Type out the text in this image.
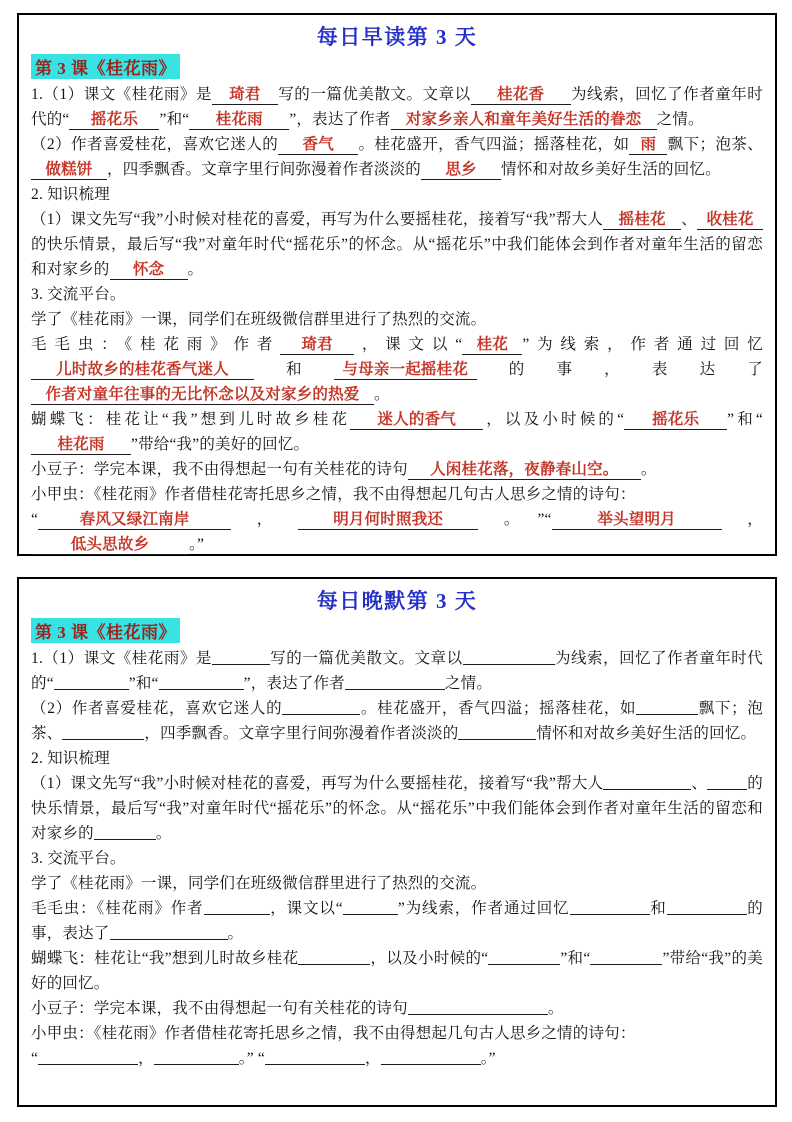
每日早读第 3 天
第 3 课《桂花雨》

1.（1）课文《桂花雨》是 琦君 写的一篇优美散文。文章以 桂花香 为线索，回忆了作者童年时代的“ 摇花乐 ”和“ 桂花雨 ”，表达了作者 对家乡亲人和童年美好生活的眷恋 之情。

（2）作者喜爱桂花，喜欢它迷人的 香气 。桂花盛开，香气四溢；摇落桂花，如 雨 飘下；泡茶、做糕饼 ，四季飘香。文章字里行间弥漫着作者淡淡的 思乡 情怀和对故乡美好生活的回忆。

2. 知识梳理

（1）课文先写“我”小时候对桂花的喜爱，再写为什么要摇桂花，接着写“我”帮大人 摇桂花 、 收桂花的快乐情景，最后写“我”对童年时代“摇花乐”的怀念。从“摇花乐”中我们能体会到作者对童年生活的留恋和对家乡的 怀念 。

3. 交流平台。

学了《桂花雨》一课，同学们在班级微信群里进行了热烈的交流。

毛毛虫：《桂花雨》作者 琦君 ，课文以“ 桂花 ”为线索，作者通过回忆儿时故乡的桂花香气迷人 和 与母亲一起摇桂花 的事，表达了作者对童年往事的无比怀念以及对家乡的热爱 。

蝴蝶飞：桂花让“我”想到儿时故乡桂花 迷人的香气 ，以及小时候的“ 摇花乐 ”和“桂花雨 ”带给“我”的美好的回忆。

小豆子：学完本课，我不由得想起一句有关桂花的诗句 人闲桂花落，夜静春山空。 。

小甲虫：《桂花雨》作者借桂花寄托思乡之情，我不由得想起几句古人思乡之情的诗句：

“	春风又绿江南岸	， 明月何时照我还 。”“	举头望明月	，低头思故乡	。”

每日晚默第 3 天
第 3 课《桂花雨》

1.（1）课文《桂花雨》是	写的一篇优美散文。文章以	为线索，回忆了作者童年时代的“	”和“	”，表达了作者	之情。

（2）作者喜爱桂花，喜欢它迷人的	。桂花盛开，香气四溢；摇落桂花，如	飘下；泡茶、	，四季飘香。文章字里行间弥漫着作者淡淡的	情怀和对故乡美好生活的回忆。

2. 知识梳理

（1）课文先写“我”小时候对桂花的喜爱，再写为什么要摇桂花，接着写“我”帮大人	、	的快乐情景，最后写“我”对童年时代“摇花乐”的怀念。从“摇花乐”中我们能体会到作者对童年生活的留恋和对家乡的	。

3. 交流平台。

学了《桂花雨》一课，同学们在班级微信群里进行了热烈的交流。

毛毛虫：《桂花雨》作者	，课文以“	”为线索，作者通过回忆	和	的事，表达了	。

蝴蝶飞：桂花让“我”想到儿时故乡桂花	，以及小时候的“	”和“	”带给“我”的美好的回忆。

小豆子：学完本课，我不由得想起一句有关桂花的诗句	。

小甲虫：《桂花雨》作者借桂花寄托思乡之情，我不由得想起几句古人思乡之情的诗句：

“	，	。” “	，	。”
